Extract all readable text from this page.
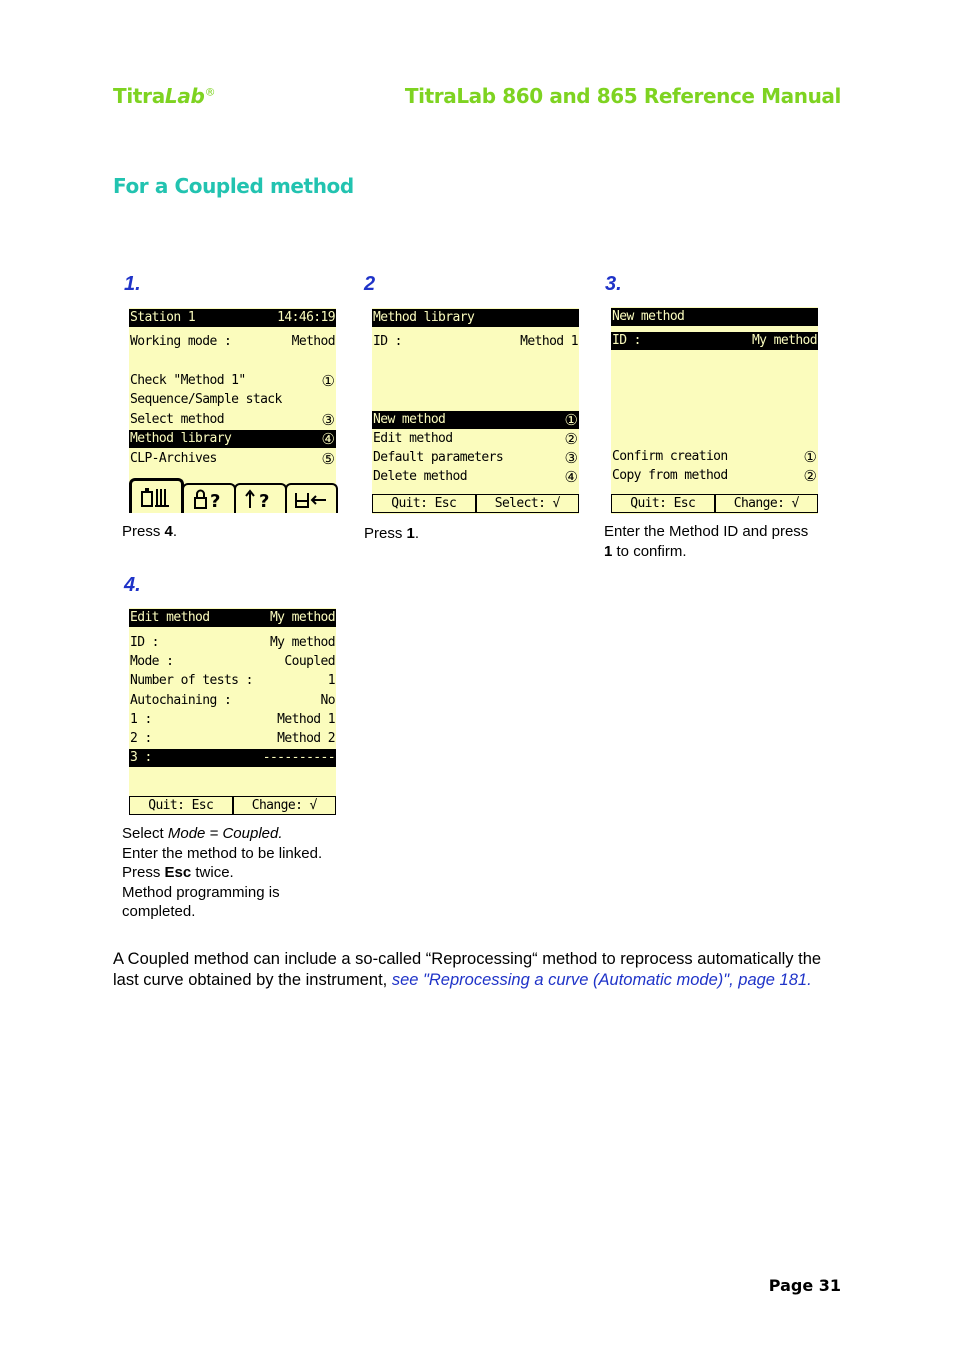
TitraLab®	TitraLab 860 and 865 Reference Manual
For a Coupled method
1.
Station 1	14:46:19
Working mode :	Method
Check "Method 1"	①
Sequence/Sample stack
Select method	③
Method library	④
CLP-Archives	⑤
? ?
Press 4.
2
Method library
ID :	Method 1
New method	①
Edit method	②
Default parameters	③
Delete method	④
Quit: Esc	Select: √
Press 1.
3.
New method
ID :	My method
Confirm creation	①
Copy from method	②
Quit: Esc	Change: √
Enter the Method ID and press
1 to confirm.
4.
Edit method	My method
ID :	My method
Mode :	Coupled
Number of tests :	1
Autochaining :	No
1 :	Method 1
2 :	Method 2
3 :	----------
Quit: Esc	Change: √
Select Mode = Coupled.
Enter the method to be linked.
Press Esc twice.
Method programming is
completed.
A Coupled method can include a so-called “Reprocessing“ method to reprocess automatically the last curve obtained by the instrument, see "Reprocessing a curve (Automatic mode)", page 181.
Page 31
